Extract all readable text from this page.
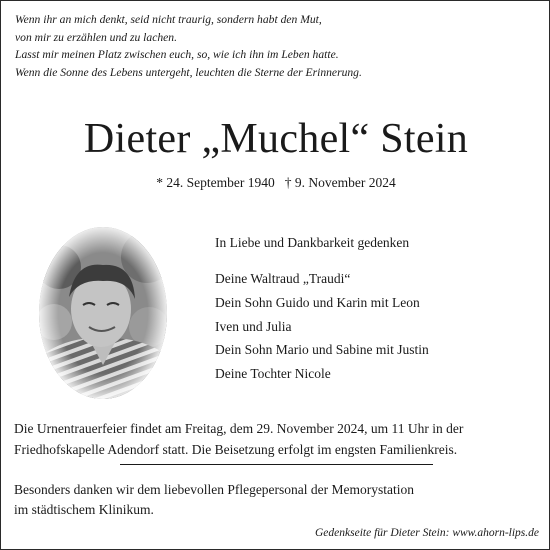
Wenn ihr an mich denkt, seid nicht traurig, sondern habt den Mut,
von mir zu erzählen und zu lachen.
Lasst mir meinen Platz zwischen euch, so, wie ich ihn im Leben hatte.
Wenn die Sonne des Lebens untergeht, leuchten die Sterne der Erinnerung.
Dieter „Muchel“ Stein
* 24. September 1940 † 9. November 2024
In Liebe und Dankbarkeit gedenken
Deine Waltraud „Traudi“
Dein Sohn Guido und Karin mit Leon
Iven und Julia
Dein Sohn Mario und Sabine mit Justin
Deine Tochter Nicole
Die Urnentrauerfeier findet am Freitag, dem 29. November 2024, um 11 Uhr in der
Friedhofskapelle Adendorf statt. Die Beisetzung erfolgt im engsten Familienkreis.
Besonders danken wir dem liebevollen Pflegepersonal der Memorystation
im städtischem Klinikum.
Gedenkseite für Dieter Stein: www.ahorn-lips.de
